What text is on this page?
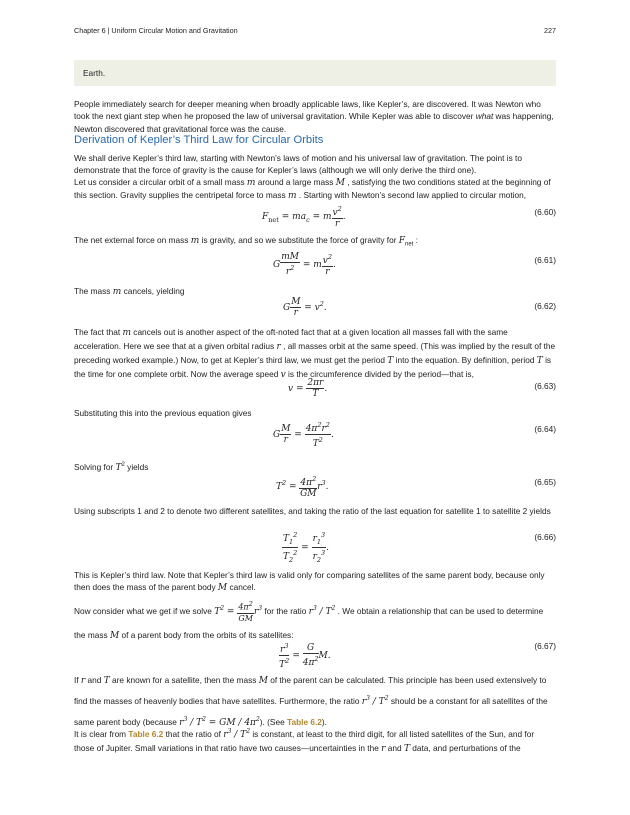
Chapter 6 | Uniform Circular Motion and Gravitation	227
Earth.
People immediately search for deeper meaning when broadly applicable laws, like Kepler’s, are discovered. It was Newton who took the next giant step when he proposed the law of universal gravitation. While Kepler was able to discover what was happening, Newton discovered that gravitational force was the cause.
Derivation of Kepler’s Third Law for Circular Orbits
We shall derive Kepler’s third law, starting with Newton’s laws of motion and his universal law of gravitation. The point is to demonstrate that the force of gravity is the cause for Kepler’s laws (although we will only derive the third one).
Let us consider a circular orbit of a small mass m around a large mass M , satisfying the two conditions stated at the beginning of this section. Gravity supplies the centripetal force to mass m . Starting with Newton’s second law applied to circular motion,
$F_{net} = ma_c = m \frac{v^2}{r}$ .	(6.60)
The net external force on mass m is gravity, and so we substitute the force of gravity for $F_{net}$ :
G $\frac{mM}{r^2} = m \frac{v^2}{r}$ .	(6.61)
The mass m cancels, yielding
G $\frac{M}{r} = v^2$.	(6.62)
The fact that m cancels out is another aspect of the oft-noted fact that at a given location all masses fall with the same acceleration. Here we see that at a given orbital radius r , all masses orbit at the same speed. (This was implied by the result of the preceding worked example.) Now, to get at Kepler’s third law, we must get the period T into the equation. By definition, period T is the time for one complete orbit. Now the average speed v is the circumference divided by the period—that is,
$v = \frac{2\pi r}{T}$ .	(6.63)
Substituting this into the previous equation gives
G $\frac{M}{r} = \frac{4\pi^2r^2}{T^2}$ .
(6.64)
Solving for $T^2$ yields
$T^2 = \frac{4\pi^2}{GM} r^3$.	(6.65)
Using subscripts 1 and 2 to denote two different satellites, and taking the ratio of the last equation for satellite 1 to satellite 2 yields
$\frac{T_1^2}{T_2^2} = \frac{r_1^3}{r_2^3}$ .
(6.66)
This is Kepler’s third law. Note that Kepler’s third law is valid only for comparing satellites of the same parent body, because only then does the mass of the parent body M cancel.
Now consider what we get if we solve $T^2 = \frac{4\pi^2}{GM} r^3$ for the ratio $r^3 / T^2$ . We obtain a relationship that can be used to determine the mass M of a parent body from the orbits of its satellites:
$\frac{r^3}{T^2} = \frac{G}{4\pi^2} M$.
(6.67)
If r and T are known for a satellite, then the mass M of the parent can be calculated. This principle has been used extensively to find the masses of heavenly bodies that have satellites. Furthermore, the ratio $r^3 / T^2$ should be a constant for all satellites of the same parent body (because $r^3 / T^2$ = GM / $4\pi^2$). (See Table 6.2).
It is clear from Table 6.2 that the ratio of $r^3 / T^2$ is constant, at least to the third digit, for all listed satellites of the Sun, and for those of Jupiter. Small variations in that ratio have two causes—uncertainties in the r and T data, and perturbations of the
